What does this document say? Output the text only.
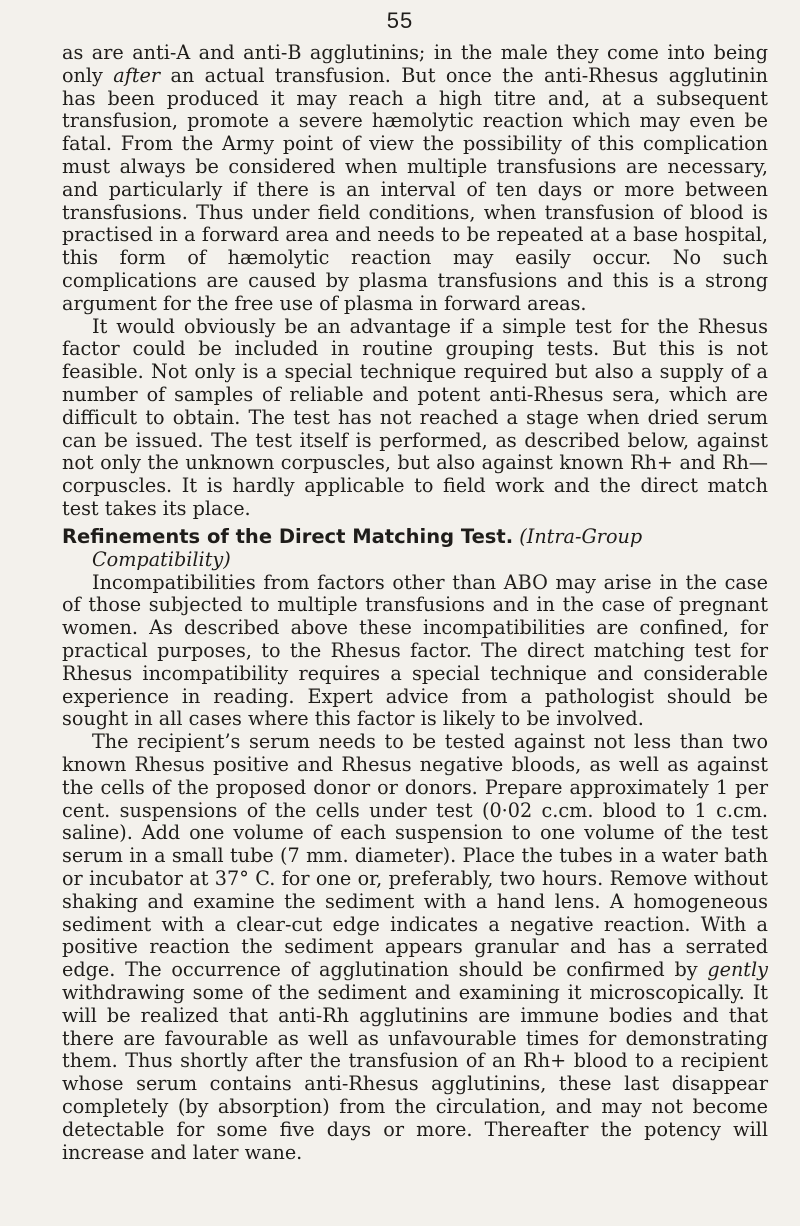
55

as are anti-A and anti-B agglutinins; in the male they come into being only after an actual transfusion. But once the anti-Rhesus agglutinin has been produced it may reach a high titre and, at a subsequent transfusion, promote a severe hæmolytic reaction which may even be fatal. From the Army point of view the possibility of this complication must always be considered when multiple transfusions are necessary, and particularly if there is an interval of ten days or more between transfusions. Thus under field conditions, when transfusion of blood is practised in a forward area and needs to be repeated at a base hospital, this form of hæmolytic reaction may easily occur. No such complications are caused by plasma transfusions and this is a strong argument for the free use of plasma in forward areas.

It would obviously be an advantage if a simple test for the Rhesus factor could be included in routine grouping tests. But this is not feasible. Not only is a special technique required but also a supply of a number of samples of reliable and potent anti-Rhesus sera, which are difficult to obtain. The test has not reached a stage when dried serum can be issued. The test itself is performed, as described below, against not only the unknown corpuscles, but also against known Rh+ and Rh— corpuscles. It is hardly applicable to field work and the direct match test takes its place.

Refinements of the Direct Matching Test. (Intra-Group Compatibility)

Incompatibilities from factors other than ABO may arise in the case of those subjected to multiple transfusions and in the case of pregnant women. As described above these incompatibilities are confined, for practical purposes, to the Rhesus factor. The direct matching test for Rhesus incompatibility requires a special technique and considerable experience in reading. Expert advice from a pathologist should be sought in all cases where this factor is likely to be involved.

The recipient’s serum needs to be tested against not less than two known Rhesus positive and Rhesus negative bloods, as well as against the cells of the proposed donor or donors. Prepare approximately 1 per cent. suspensions of the cells under test (0·02 c.cm. blood to 1 c.cm. saline). Add one volume of each suspension to one volume of the test serum in a small tube (7 mm. diameter). Place the tubes in a water bath or incubator at 37° C. for one or, preferably, two hours. Remove without shaking and examine the sediment with a hand lens. A homogeneous sediment with a clear-cut edge indicates a negative reaction. With a positive reaction the sediment appears granular and has a serrated edge. The occurrence of agglutination should be confirmed by gently withdrawing some of the sediment and examining it microscopically. It will be realized that anti-Rh agglutinins are immune bodies and that there are favourable as well as unfavourable times for demonstrating them. Thus shortly after the transfusion of an Rh+ blood to a recipient whose serum contains anti-Rhesus agglutinins, these last disappear completely (by absorption) from the circulation, and may not become detectable for some five days or more. Thereafter the potency will increase and later wane.
